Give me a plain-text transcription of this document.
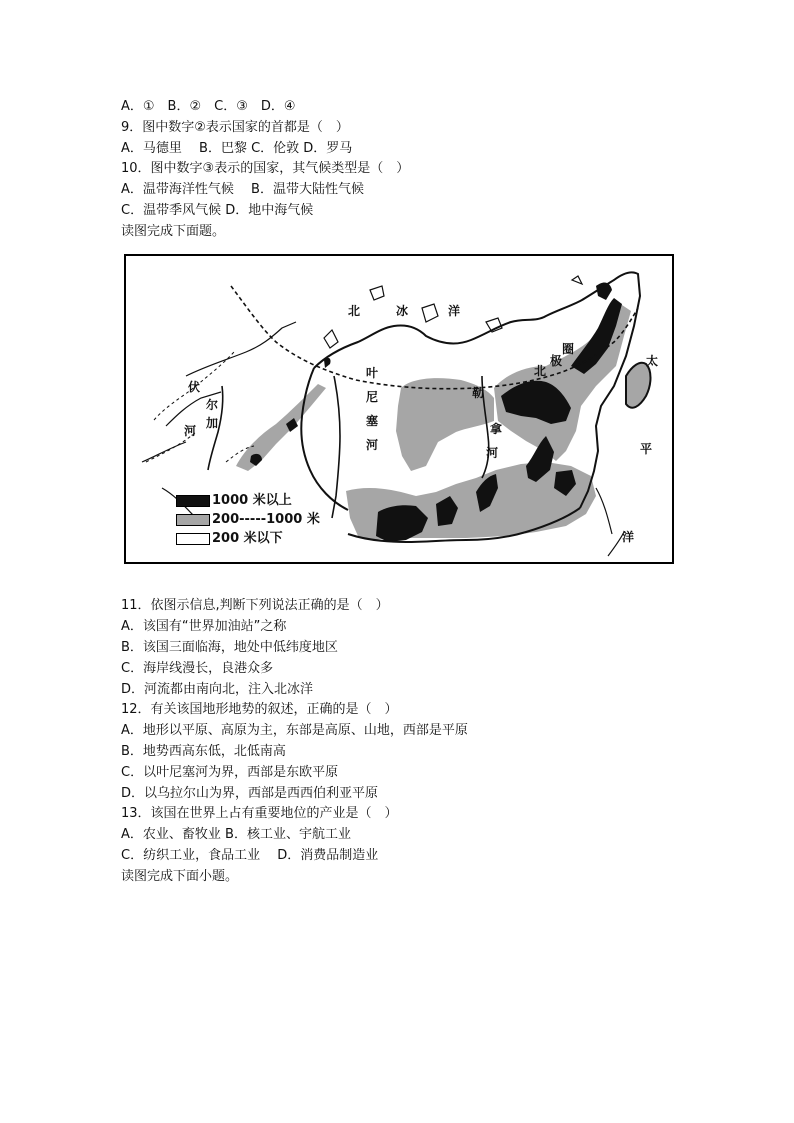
A．①　B．②　C．③　D．④
9．图中数字②表示国家的首都是（　）
A．马德里　 B．巴黎 C．伦敦 D．罗马
10．图中数字③表示的国家，其气候类型是（　）
A．温带海洋性气候　 B．温带大陆性气候
C．温带季风气候 D．地中海气候
读图完成下面题。
北	冰	洋
伏
尔
加
河
叶
尼
塞
河
勒
拿
河
北
极
圈
太
平
洋
1000 米以上
200-----1000 米
200 米以下
11．依图示信息,判断下列说法正确的是（　）
A．该国有“世界加油站”之称
B．该国三面临海，地处中低纬度地区
C．海岸线漫长，良港众多
D．河流都由南向北，注入北冰洋
12．有关该国地形地势的叙述，正确的是（　）
A．地形以平原、高原为主，东部是高原、山地，西部是平原
B．地势西高东低，北低南高
C．以叶尼塞河为界，西部是东欧平原
D．以乌拉尔山为界，西部是西西伯利亚平原
13．该国在世界上占有重要地位的产业是（　）
A．农业、畜牧业 B．核工业、宇航工业
C．纺织工业，食品工业　 D．消费品制造业
读图完成下面小题。
